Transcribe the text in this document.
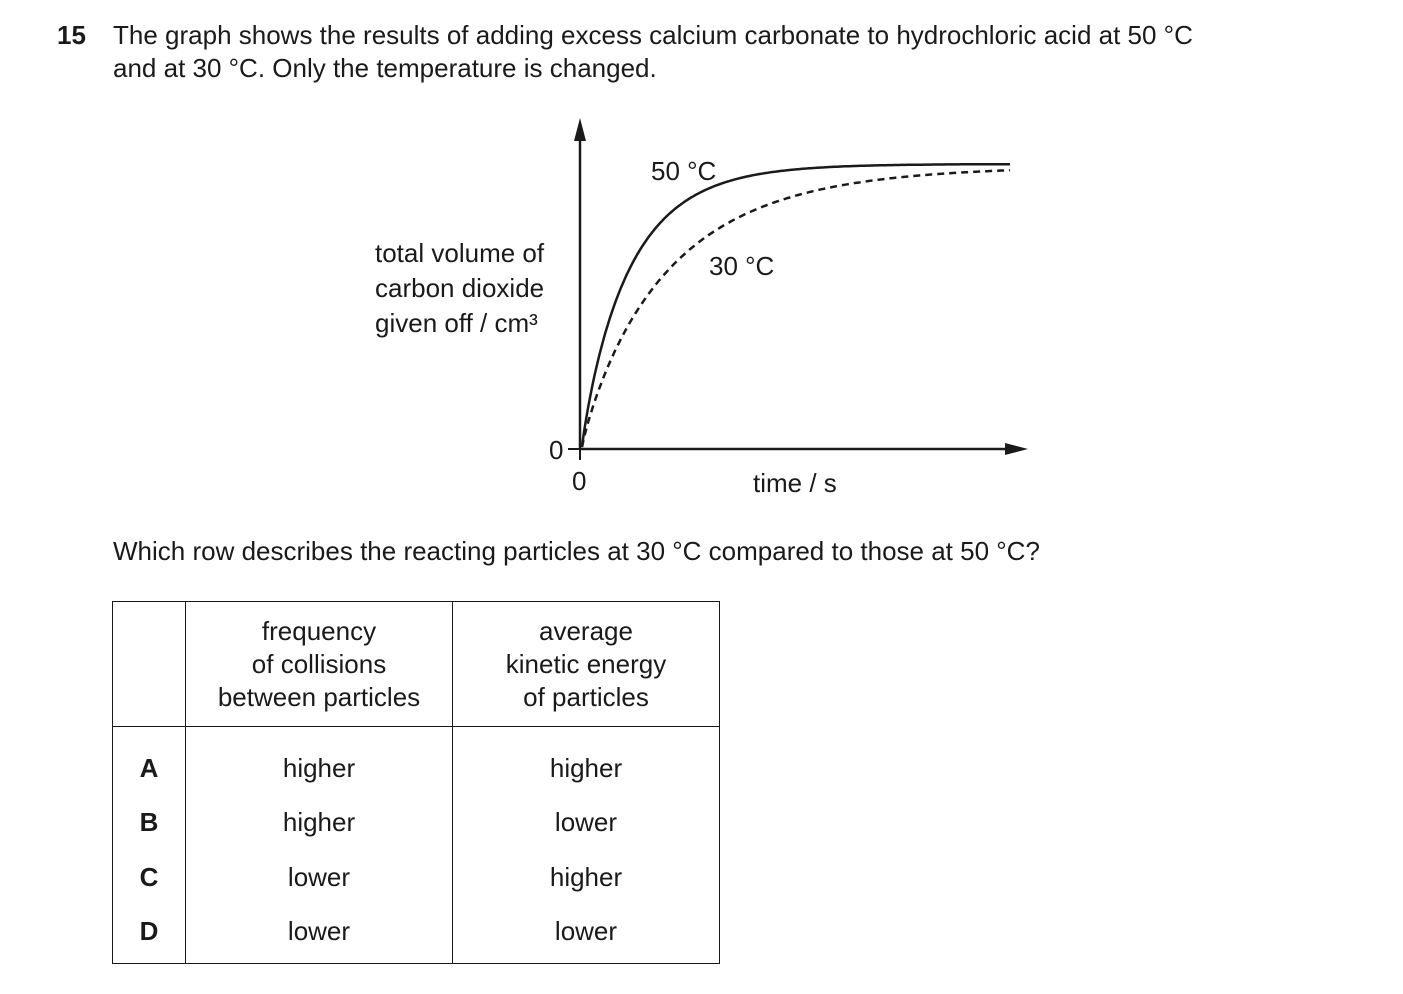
15 The graph shows the results of adding excess calcium carbonate to hydrochloric acid at 50 °C
and at 30 °C. Only the temperature is changed.
50 °C
30 °C
total volume of carbon dioxide given off / cm³
0
0	time / s
Which row describes the reacting particles at 30 °C compared to those at 50 °C?

	frequency
of collisions
between particles	average
kinetic energy
of particles

A	higher	higher
B	higher	lower
C	lower	higher
D	lower	lower
